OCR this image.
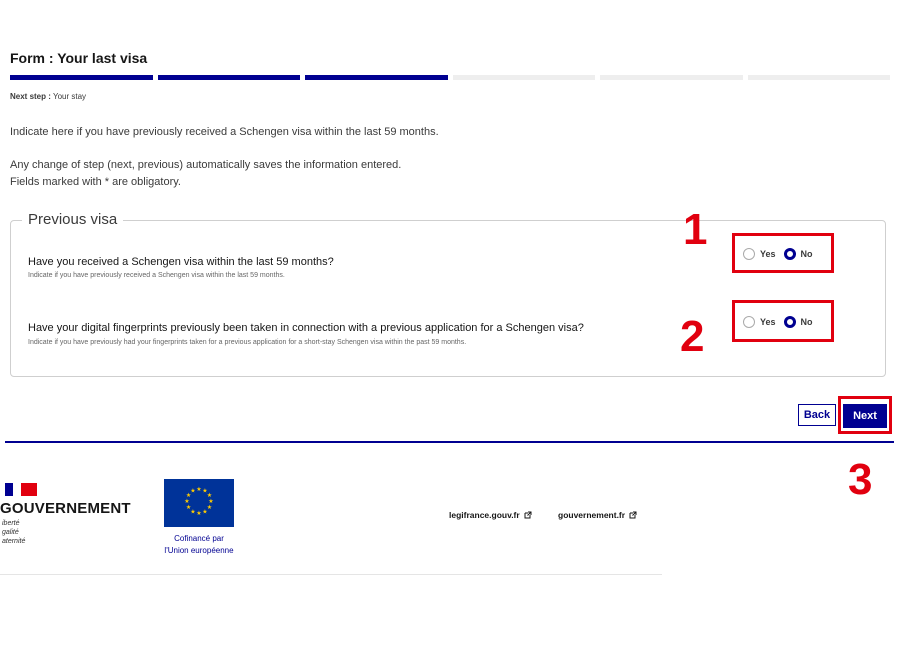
Form : Your last visa
Next step : Your stay
Indicate here if you have previously received a Schengen visa within the last 59 months.
Any change of step (next, previous) automatically saves the information entered.
Fields marked with * are obligatory.
Previous visa
Have you received a Schengen visa within the last 59 months?
Indicate if you have previously received a Schengen visa within the last 59 months.
Yes	No
Have your digital fingerprints previously been taken in connection with a previous application for a Schengen visa?
Indicate if you have previously had your fingerprints taken for a previous application for a short-stay Schengen visa within the past 59 months.
Yes	No
1
2
Back	Next
3
GOUVERNEMENT
iberté
galité
aternité
★ ★
★
★
★
★
★
★
★
★
★
★
Cofinancé par
l'Union européenne
legifrance.gouv.fr	gouvernement.fr
